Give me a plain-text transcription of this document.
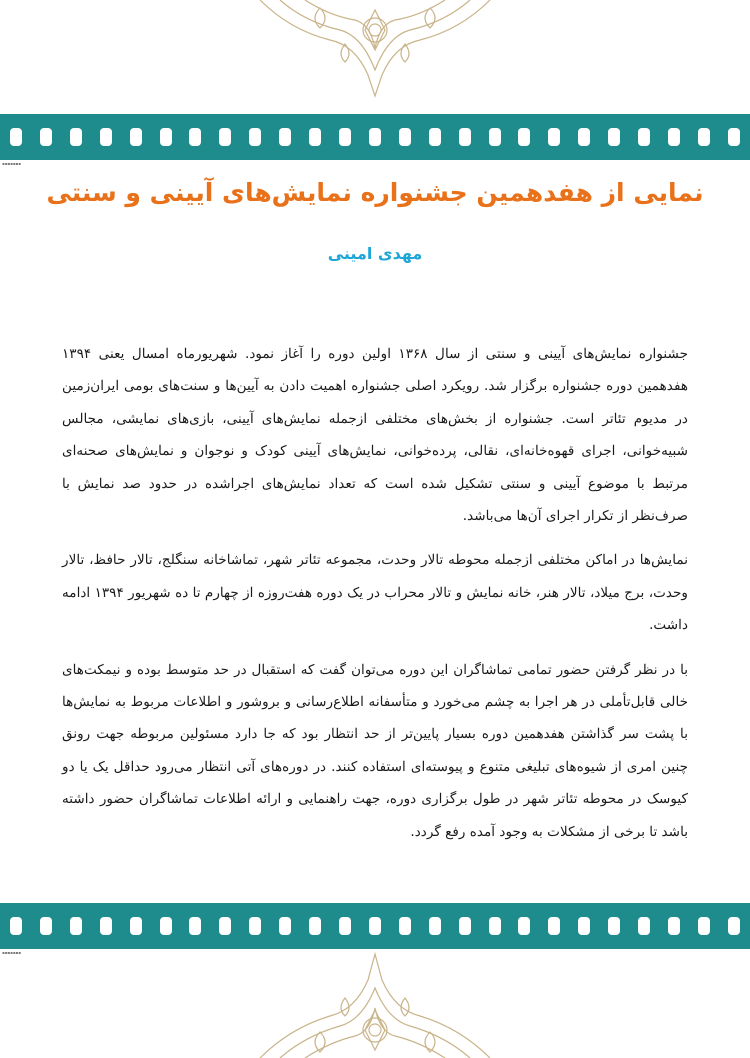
▪▪▪▪▪▪▪
نمایی از هفدهمین جشنواره نمایش‌های آیینی و سنتی
مهدی امینی

جشنواره نمایش‌های آیینی و سنتی از سال ۱۳۶۸ اولین دوره را آغاز نمود. شهریورماه امسال یعنی ۱۳۹۴ هفدهمین دوره جشنواره برگزار شد. رویکرد اصلی جشنواره اهمیت دادن به آیین‌ها و سنت‌های بومی ایران‌زمین در مدیوم تئاتر است. جشنواره از بخش‌های مختلفی ازجمله نمایش‌های آیینی، بازی‌های نمایشی، مجالس شبیه‌خوانی، اجرای قهوه‌خانه‌ای، نقالی، پرده‌خوانی، نمایش‌های آیینی کودک و نوجوان و نمایش‌های صحنه‌ای مرتبط با موضوع آیینی و سنتی تشکیل شده است که تعداد نمایش‌های اجراشده در حدود صد نمایش با صرف‌نظر از تکرار اجرای آن‌ها می‌باشد.

نمایش‌ها در اماکن مختلفی ازجمله محوطه تالار وحدت، مجموعه تئاتر شهر، تماشاخانه سنگلج، تالار حافظ، تالار وحدت، برج میلاد، تالار هنر، خانه نمایش و تالار محراب در یک دوره هفت‌روزه از چهارم تا ده شهریور ۱۳۹۴ ادامه داشت.

با در نظر گرفتن حضور تمامی تماشاگران این دوره می‌توان گفت که استقبال در حد متوسط بوده و نیمکت‌های خالی قابل‌تأملی در هر اجرا به چشم می‌خورد و متأسفانه اطلاع‌رسانی و بروشور و اطلاعات مربوط به نمایش‌ها با پشت سر گذاشتن هفدهمین دوره بسیار پایین‌تر از حد انتظار بود که جا دارد مسئولین مربوطه جهت رونق چنین امری از شیوه‌های تبلیغی متنوع و پیوسته‌ای استفاده کنند. در دوره‌های آتی انتظار می‌رود حداقل یک یا دو کیوسک در محوطه تئاتر شهر در طول برگزاری دوره، جهت راهنمایی و ارائه اطلاعات تماشاگران حضور داشته باشد تا برخی از مشکلات به وجود آمده رفع گردد.

▪▪▪▪▪▪▪
